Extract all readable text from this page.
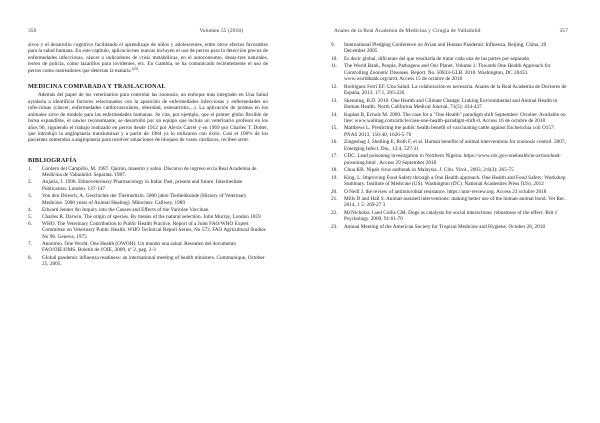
356	Volumen 55 (2018)

sivos y el desarrollo cognitivo facilitando el aprendizaje de niños y adolescentes, entre otros efectos favorables para la salud humana. En este capítulo, aplicacio-nes nuevas incluyen el uso de perros para la detección precoz de enfermedades infecciosas, cáncer o indicadores de crisis metabólicas, en el autoconsumo, desas-tres naturales, terreo de policía, como lazarillos para invidentes, etc. En Gambia, se ha comunicado recientemente el uso de perros como rastreadores que detectan la malaria $^{(23)}$.

MEDICINA COMPARADA Y TRASLACIONAL

Además del papel de los veterinarios para controlar las zoonosis, un enfoque más integrado en Una Salud ayudaría a identificar factores relacionados con la aparición de enfermedades infecciosas y enfermedades no infecciosas (cáncer, enfermedades cardiovasculares, obesidad, osteoartritis,...). La aplicación de proteas en los animales sirve de modelo para las enfermedades humanas. Se cita, por ejemplo, que el primer globo flexible de bolsa expandible, el sawier reconomante, se desarrolló por un equipo que incluía un veterinario profesor en los años 90, siguiendo el trabajo realizado en perros desde 1912 por Alexis Carrel y en 1969 por Charles T. Dotter, que introdujo la angioplastia transluminal y a partir de 1984 ya lo utilizaron con éxito. Casi el 100% de los pacientes sometidos a angioplastia para resolver situaciones de bloqueo de vasos cardíacos, reciben stent.

BIBLIOGRAFÍA
1.	Cordero del Campillo, M. 1987. Quirón, maestro y sabio. Discurso de ingreso en la Real Academia de Medicina de Valladolid. Separata. 1987.
2.	Anjaria, J. 1996. Ethnoveterinary Pharmacology in India: Past, present and future. Intermediate Publication. London. 137-147
3.	Von den Driesch, A. Geschichte der Tiermedizin. 5000 jahre Tierheilkunde (History of Veterinary Medicine. 5000 years of Animal Healing). München: Callwey, 1989
4.	Edward Jenner An Inquiry into the Causes and Effects of the Variolae Vaccinae.
5.	Charles R. Darwin. The origin of species. By means of the natural selection. John Murray, London 1859
6.	WHO, The Veterinary Contribution to Public Health Practice. Report of a Joint FAO/WHO Expert Committee on Veterinary Public Health. WHO Technical Report Series, No 573. FAO Agricultural Studies No 96. Geneva, 1975
7.	Anonimo. One World, One Health (OWOH). Un mundo una salud. Resumen del documento FAO/OIE/OMS. Boletín de l'OIE, 2009, nº 2, pag. 2-3
8.	Global pandemic influenza readiness: an international meeting of health ministers. Communique, October 25, 2005.
Anales de la Real Academia de Medicina y Cirugía de Valladolid	357
9.	International Pledging Conference on Avian and Human Pandemic Influenza, Beijing, China, 20 December 2005
10.	Es decir global, difícenne del que resultaría de tratar cada una de las partes por separado
11.	The World Bank, People, Pathogens and Our Planet. Volume 1: Towards One Health Approach for Controlling Zoonotic Diseases. Report. No. 50833-GLB. 2010. Washington, DC 20433. www.worldbank.org/arrd. Access 15 de octubre de 2018
12.	Rodríguez Ferri EF. Una Salud. La colaboración es necesaria. Anales de la Real Academia de Doctores de España, 2013, 17:1, 205-226
13.	Skenning, B.D. 2010. One Health and Climate Change: Linking Environmental and Animal Health to Human Health. North California Medical Journal, 71(5): 434-437
14.	Kaplan B, Echols M. 2009. The case for a "One Health" paradigm shift September/ October. Available on line: www.walmag.com/article/case-one-health-paradigm-shift-0. Access 16 de octubre de 2018
15.	Matthews L. Predicting the public health benefit of vaccinating cattle against Escherichia coli O157. PNAS 2013, 150-40, 1626-5-70
16.	Zingeshag J, Shelling E, Roth F, et al. Human benefits of animal interventions for zoonosis control. 2007, Emerging Infect. Dis., 13:4, 527-31
17.	CDC. Lead poisoning investigation in Northern Nigeria. https://www.cdc.gov/onehealth/in-action/lead-poisoning.html . Access 29 September 2018
18.	Chua KB. Nipah virus outbreak in Malaysia. J. Clin. Virol., 2003, 2:6(3): 265-75
19.	King, L. Improving Food Safety through a One Health approach. One Health and Food Safety: Workshop Summary. Institute of Medicine (US). Washington (DC). National Academies Press (US). 2012
20.	O Neill J. the review of antimicrobial resistance. https://amr-review.org. Access 23 octubre 2018
21.	Mills D and Hall S. Animal-assisted interventions: making better use of the human-animal bond. Vet Rec. 2014, 1 5: 269-27 3
22.	McNicholas J and Collis GM. Dogs as catalysts for social interactions: robustness of the effect. Brit J Psychology. 2000, 91:61-70
23.	Annual Meeting of the American Society for Tropical Medicine and Hygiene. October 28, 2018
